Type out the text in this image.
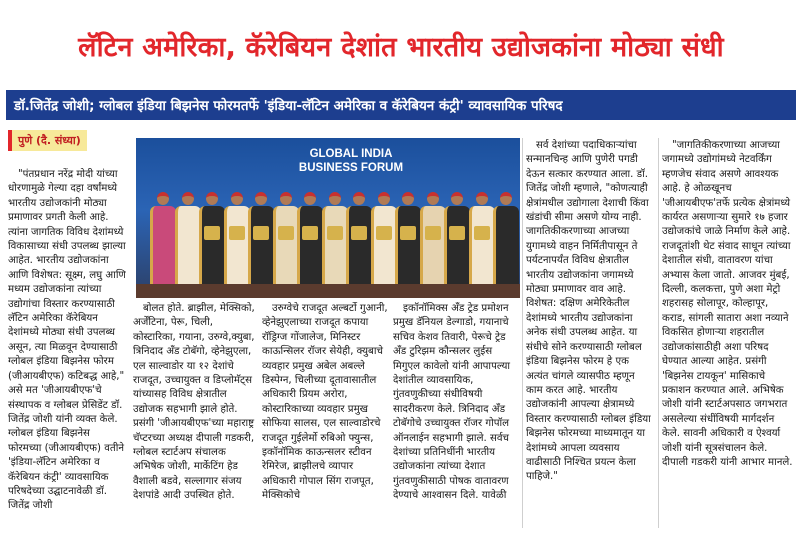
लॅटिन अमेरिका, कॅरेबियन देशांत भारतीय उद्योजकांना मोठ्या संधी
डॉ.जितेंद्र जोशी; ग्लोबल इंडिया बिझनेस फोरमतर्फे 'इंडिया-लॅटिन अमेरिका व कॅरेबियन कंट्री' व्यावसायिक परिषद
पुणे (दै. संध्या)
GLOBAL INDIA
BUSINESS FORUM

"पंतप्रधान नरेंद्र मोदी यांच्या धोरणामुळे गेल्या दहा वर्षांमध्ये भारतीय उद्योजकांनी मोठ्या प्रमाणावर प्रगती केली आहे. त्यांना जागतिक विविध देशांमध्ये विकासाच्या संधी उपलब्ध झाल्या आहेत. भारतीय उद्योजकांना आणि विशेषत: सूक्ष्म, लघु आणि मध्यम उद्योजकांना त्यांच्या उद्योगांचा विस्तार करण्यासाठी लॅटिन अमेरिका कॅरेबियन देशांमध्ये मोठ्या संधी उपलब्ध असून, त्या मिळवून देण्यासाठी ग्लोबल इंडिया बिझनेस फोरम (जीआयबीएफ) कटिबद्ध आहे," असे मत 'जीआयबीएफ'चे संस्थापक व ग्लोबल प्रेसिडेंट डॉ. जितेंद्र जोशी यांनी व्यक्त केले. ग्लोबल इंडिया बिझनेस फोरमच्या (जीआयबीएफ) वतीने 'इंडिया-लॅटिन अमेरिका व कॅरेबियन कंट्री' व्यावसायिक परिषदेच्या उद्घाटनावेळी डॉ. जितेंद्र जोशी

बोलत होते. ब्राझील, मेक्सिको, अर्जेंटिना, पेरू, चिली, कोस्टारिका, गयाना, उरुग्वे,क्युबा, त्रिनिदाद अँड टोबॅगो, व्हेनेझुएला, एल साल्वाडोर या १२ देशांचे राजदूत, उच्चायुक्त व डिप्लोमॅट्स यांच्यासह विविध क्षेत्रातील उद्योजक सहभागी झाले होते. प्रसंगी 'जीआयबीएफ'च्या महाराष्ट्र चॅप्टरच्या अध्यक्ष दीपाली गडकरी, ग्लोबल स्टार्टअप संचालक अभिषेक जोशी, मार्केटिंग हेड वैशाली बडवे, सल्लागार संजय देशपांडे आदी उपस्थित होते.

उरुग्वेचे राजदूत अल्बर्टो गुआनी, व्हेनेझुएलाच्या राजदूत कपाया रॉड्रिग्ज गोंजालेज, मिनिस्टर काऊन्सिलर रॉजर सेयेही, क्युबाचे व्यवहार प्रमुख अबेल अबल्ले डिस्पेग्न, चिलीच्या दूतावासातील अधिकारी प्रियम अरोरा, कोस्टारिकाच्या व्यवहार प्रमुख सोफिया सालस, एल साल्वाडोरचे राजदूत गुईलेर्मो रुबिओ फ्युन्स, इकॉनॉमिक काऊन्सलर स्टीवन रेमिरेज, ब्राझीलचे व्यापार अधिकारी गोपाल सिंग राजपूत, मेक्सिकोचे

इकॉनॉमिक्स अँड ट्रेड प्रमोशन प्रमुख डॅनियल डेल्गाडो, गयानाचे सचिव केशव तिवारी, पेरूचे ट्रेड अँड टुरिझम कौन्सलर लुईस मिगुएल कावेलो यांनी आपापल्या देशांतील व्यावसायिक, गुंतवणुकीच्या संधीविषयी सादरीकरण केले. त्रिनिदाद अँड टोबॅगोचे उच्चायुक्त रॉजर गोपॉल ऑनलाईन सहभागी झाले. सर्वच देशांच्या प्रतिनिधींनी भारतीय उद्योजकांना त्यांच्या देशात गुंतवणुकीसाठी पोषक वातावरण देण्याचे आश्वासन दिले. यावेळी

सर्व देशांच्या पदाधिकाऱ्यांचा सन्मानचिन्ह आणि पुणेरी पगडी देऊन सत्कार करण्यात आला. डॉ. जितेंद्र जोशी म्हणाले, "कोणत्याही क्षेत्रांमधील उद्योगाला देशाची किंवा खंडांची सीमा असणे योग्य नाही. जागतिकीकरणाच्या आजच्या युगामध्ये वाहन निर्मितीपासून ते पर्यटनापर्यंत विविध क्षेत्रातील भारतीय उद्योजकांना जगामध्ये मोठ्या प्रमाणावर वाव आहे. विशेषत: दक्षिण अमेरिकेतील देशांमध्ये भारतीय उद्योजकांना अनेक संधी उपलब्ध आहेत. या संधीचे सोने करण्यासाठी ग्लोबल इंडिया बिझनेस फोरम हे एक अत्यंत चांगले व्यासपीठ म्हणून काम करत आहे. भारतीय उद्योजकांनी आपल्या क्षेत्रामध्ये विस्तार करण्यासाठी ग्लोबल इंडिया बिझनेस फोरमच्या माध्यमातून या देशांमध्ये आपला व्यवसाय वाढीसाठी निश्चित प्रयत्न केला पाहिजे."

"जागतिकीकरणाच्या आजच्या जगामध्ये उद्योगांमध्ये नेटवर्किंग म्हणजेच संवाद असणे आवश्यक आहे. हे ओळखूनच 'जीआयबीएफ'तर्फे प्रत्येक क्षेत्रांमध्ये कार्यरत असणाऱ्या सुमारे १७ हजार उद्योजकांचे जाळे निर्माण केले आहे. राजदूतांशी थेट संवाद साधून त्यांच्या देशातील संधी, वातावरण यांचा अभ्यास केला जातो. आजवर मुंबई, दिल्ली, कलकत्ता, पुणे अशा मेट्रो शहरासह सोलापूर, कोल्हापूर, कराड, सांगली सातारा अशा नव्याने विकसित होणाऱ्या शहरातील उद्योजकांसाठीही अशा परिषद घेण्यात आल्या आहेत. प्रसंगी 'बिझनेस टायकून' मासिकाचे प्रकाशन करण्यात आले. अभिषेक जोशी यांनी स्टार्टअपसाठ जगभरात असलेल्या संधींविषयी मार्गदर्शन केले. सावनी अधिकारी व ऐश्वर्या जोशी यांनी सूत्रसंचालन केले. दीपाली गडकरी यांनी आभार मानले.
